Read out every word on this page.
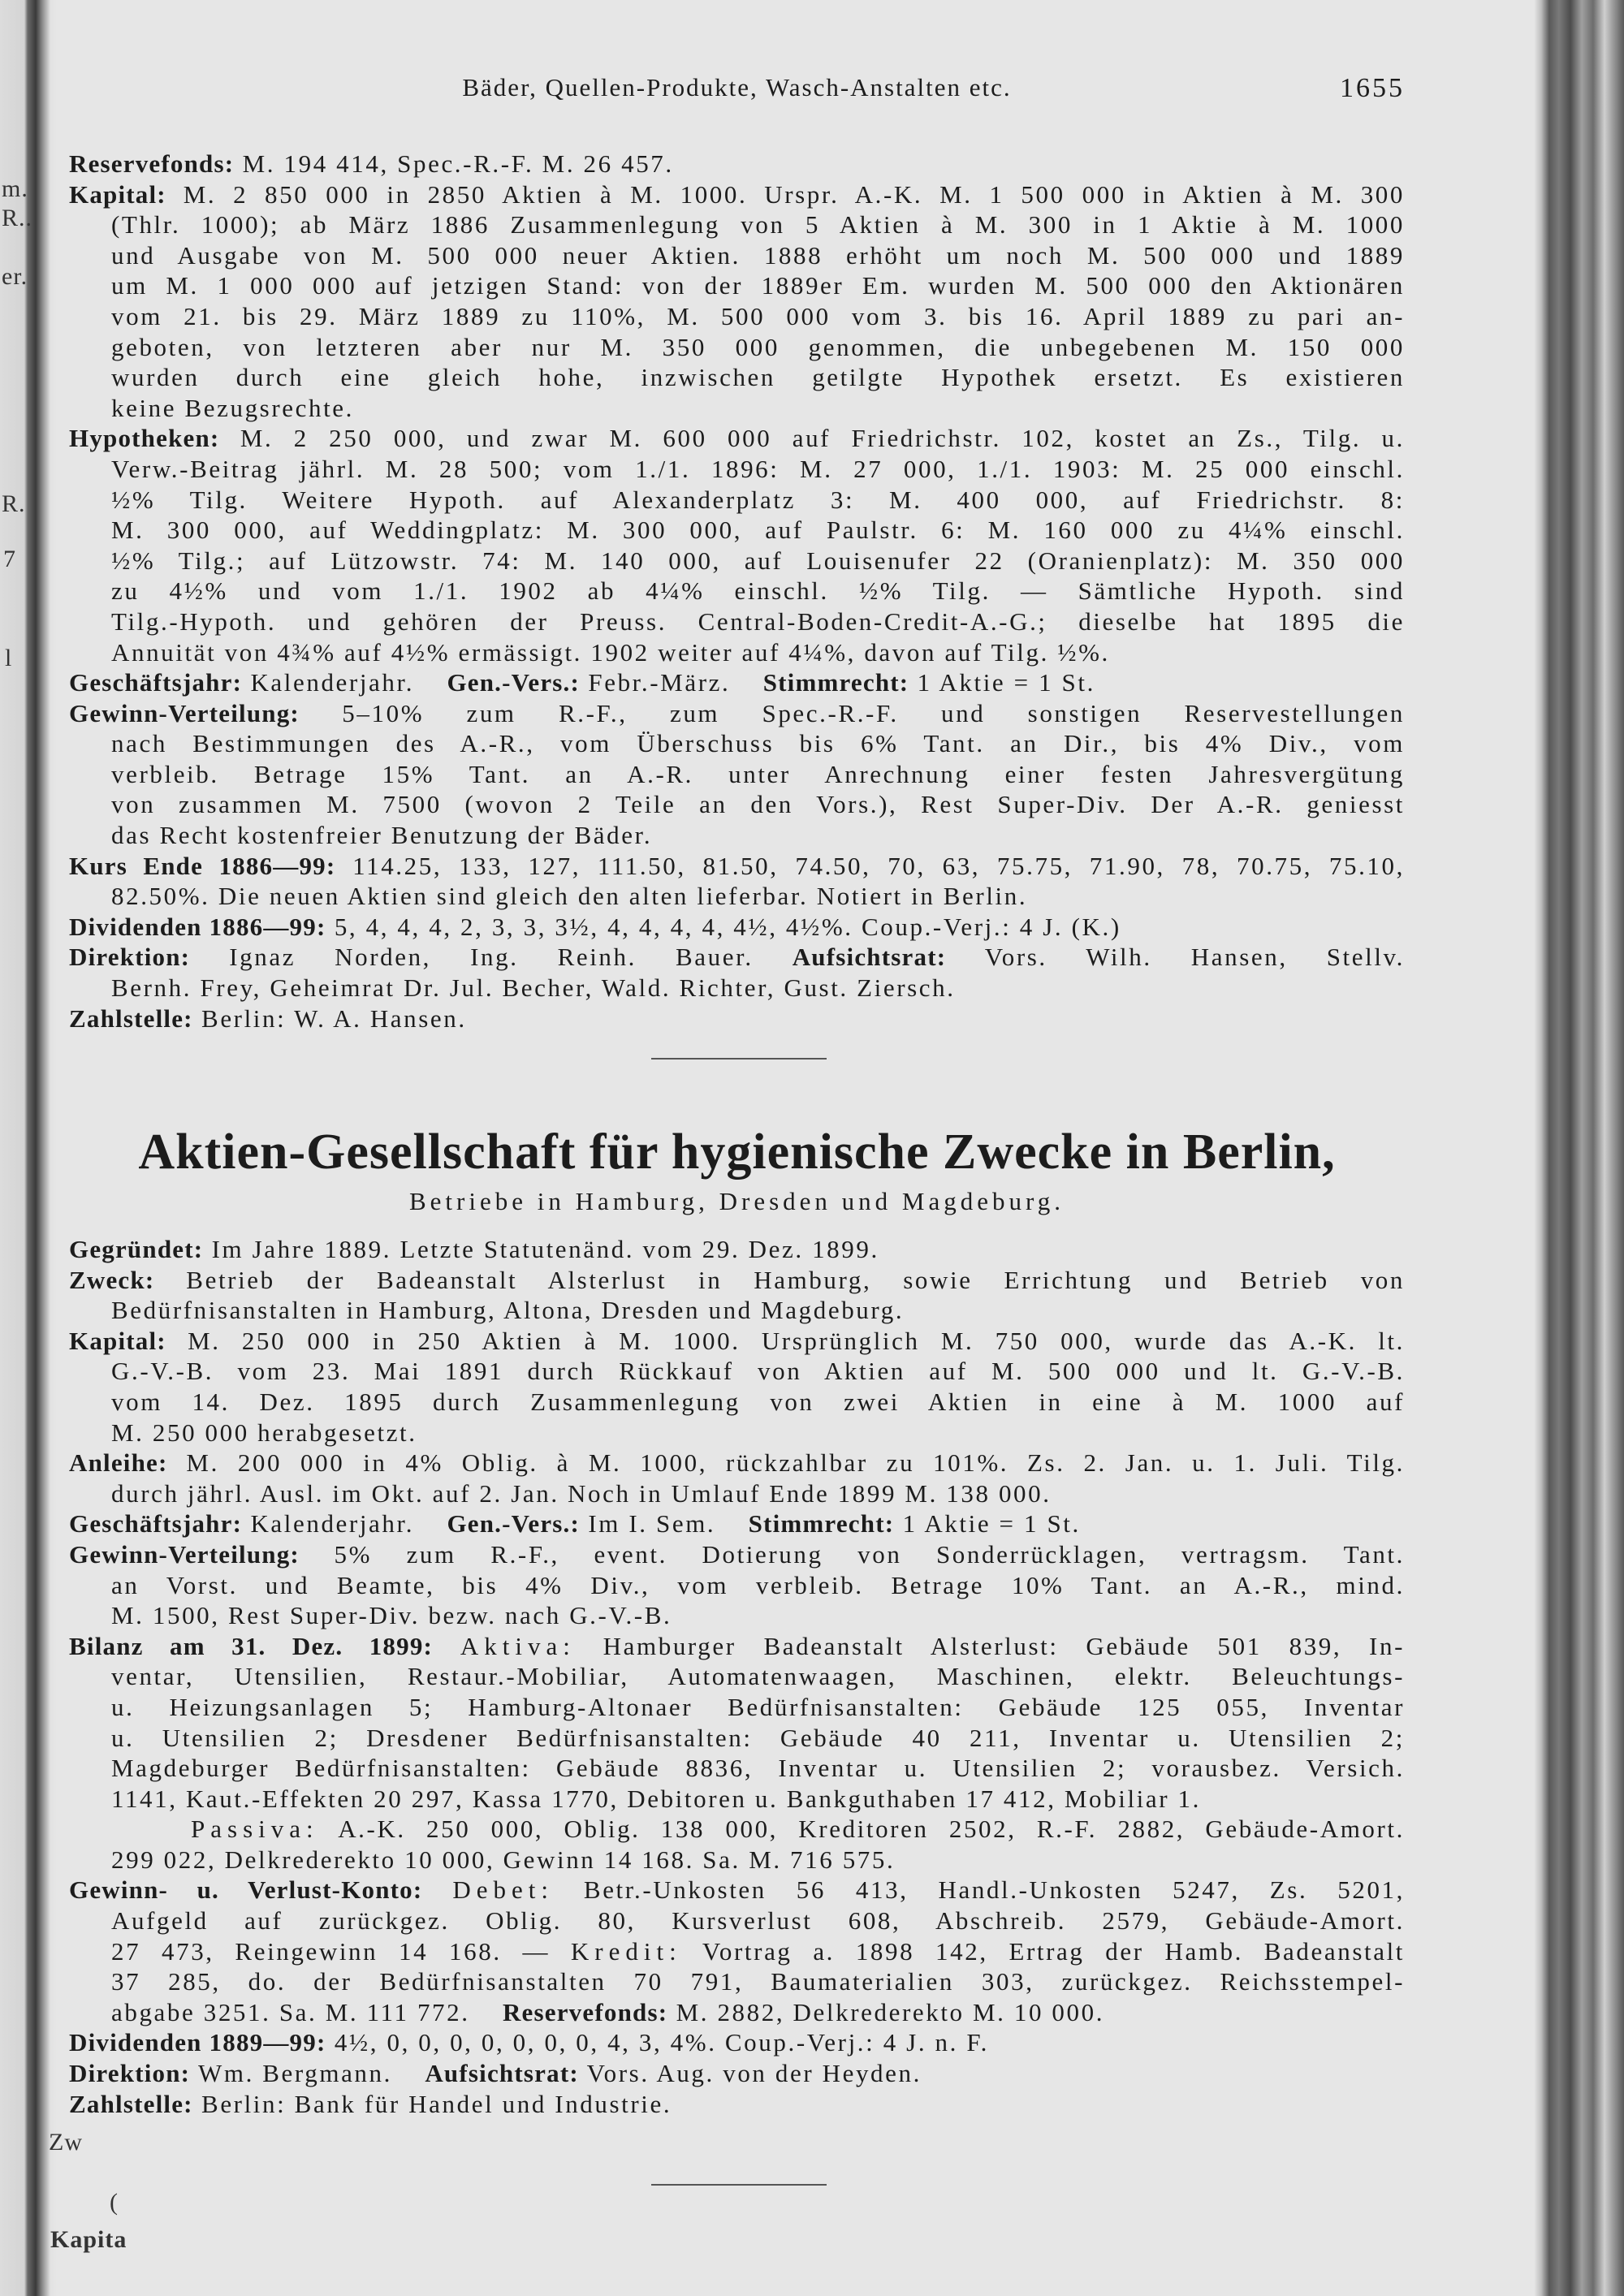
m.
R..
er.
R.
7
l
Bäder, Quellen-Produkte, Wasch-Anstalten etc.	1655
Reservefonds: M. 194 414, Spec.-R.-F. M. 26 457.
Kapital: M. 2 850 000 in 2850 Aktien à M. 1000. Urspr. A.-K. M. 1 500 000 in Aktien à M. 300
(Thlr. 1000); ab März 1886 Zusammenlegung von 5 Aktien à M. 300 in 1 Aktie à M. 1000
und Ausgabe von M. 500 000 neuer Aktien. 1888 erhöht um noch M. 500 000 und 1889
um M. 1 000 000 auf jetzigen Stand: von der 1889er Em. wurden M. 500 000 den Aktionären
vom 21. bis 29. März 1889 zu 110%, M. 500 000 vom 3. bis 16. April 1889 zu pari an-
geboten, von letzteren aber nur M. 350 000 genommen, die unbegebenen M. 150 000
wurden durch eine gleich hohe, inzwischen getilgte Hypothek ersetzt. Es existieren
keine Bezugsrechte.
Hypotheken: M. 2 250 000, und zwar M. 600 000 auf Friedrichstr. 102, kostet an Zs., Tilg. u.
Verw.-Beitrag jährl. M. 28 500; vom 1./1. 1896: M. 27 000, 1./1. 1903: M. 25 000 einschl.
½% Tilg. Weitere Hypoth. auf Alexanderplatz 3: M. 400 000, auf Friedrichstr. 8:
M. 300 000, auf Weddingplatz: M. 300 000, auf Paulstr. 6: M. 160 000 zu 4¼% einschl.
½% Tilg.; auf Lützowstr. 74: M. 140 000, auf Louisenufer 22 (Oranienplatz): M. 350 000
zu 4½% und vom 1./1. 1902 ab 4¼% einschl. ½% Tilg. — Sämtliche Hypoth. sind
Tilg.-Hypoth. und gehören der Preuss. Central-Boden-Credit-A.-G.; dieselbe hat 1895 die
Annuität von 4¾% auf 4½% ermässigt. 1902 weiter auf 4¼%, davon auf Tilg. ½%.
Geschäftsjahr: Kalenderjahr. Gen.-Vers.: Febr.-März. Stimmrecht: 1 Aktie = 1 St.
Gewinn-Verteilung: 5–10% zum R.-F., zum Spec.-R.-F. und sonstigen Reservestellungen
nach Bestimmungen des A.-R., vom Überschuss bis 6% Tant. an Dir., bis 4% Div., vom
verbleib. Betrage 15% Tant. an A.-R. unter Anrechnung einer festen Jahresvergütung
von zusammen M. 7500 (wovon 2 Teile an den Vors.), Rest Super-Div. Der A.-R. geniesst
das Recht kostenfreier Benutzung der Bäder.
Kurs Ende 1886—99: 114.25, 133, 127, 111.50, 81.50, 74.50, 70, 63, 75.75, 71.90, 78, 70.75, 75.10,
82.50%. Die neuen Aktien sind gleich den alten lieferbar. Notiert in Berlin.
Dividenden 1886—99: 5, 4, 4, 4, 2, 3, 3, 3½, 4, 4, 4, 4, 4½, 4½%. Coup.-Verj.: 4 J. (K.)
Direktion: Ignaz Norden, Ing. Reinh. Bauer. Aufsichtsrat: Vors. Wilh. Hansen, Stellv.
Bernh. Frey, Geheimrat Dr. Jul. Becher, Wald. Richter, Gust. Ziersch.
Zahlstelle: Berlin: W. A. Hansen.
Aktien-Gesellschaft für hygienische Zwecke in Berlin,
Betriebe in Hamburg, Dresden und Magdeburg.
Gegründet: Im Jahre 1889. Letzte Statutenänd. vom 29. Dez. 1899.
Zweck: Betrieb der Badeanstalt Alsterlust in Hamburg, sowie Errichtung und Betrieb von
Bedürfnisanstalten in Hamburg, Altona, Dresden und Magdeburg.
Kapital: M. 250 000 in 250 Aktien à M. 1000. Ursprünglich M. 750 000, wurde das A.-K. lt.
G.-V.-B. vom 23. Mai 1891 durch Rückkauf von Aktien auf M. 500 000 und lt. G.-V.-B.
vom 14. Dez. 1895 durch Zusammenlegung von zwei Aktien in eine à M. 1000 auf
M. 250 000 herabgesetzt.
Anleihe: M. 200 000 in 4% Oblig. à M. 1000, rückzahlbar zu 101%. Zs. 2. Jan. u. 1. Juli. Tilg.
durch jährl. Ausl. im Okt. auf 2. Jan. Noch in Umlauf Ende 1899 M. 138 000.
Geschäftsjahr: Kalenderjahr. Gen.-Vers.: Im I. Sem. Stimmrecht: 1 Aktie = 1 St.
Gewinn-Verteilung: 5% zum R.-F., event. Dotierung von Sonderrücklagen, vertragsm. Tant.
an Vorst. und Beamte, bis 4% Div., vom verbleib. Betrage 10% Tant. an A.-R., mind.
M. 1500, Rest Super-Div. bezw. nach G.-V.-B.
Bilanz am 31. Dez. 1899: Aktiva: Hamburger Badeanstalt Alsterlust: Gebäude 501 839, In-
ventar, Utensilien, Restaur.-Mobiliar, Automatenwaagen, Maschinen, elektr. Beleuchtungs-
u. Heizungsanlagen 5; Hamburg-Altonaer Bedürfnisanstalten: Gebäude 125 055, Inventar
u. Utensilien 2; Dresdener Bedürfnisanstalten: Gebäude 40 211, Inventar u. Utensilien 2;
Magdeburger Bedürfnisanstalten: Gebäude 8836, Inventar u. Utensilien 2; vorausbez. Versich.
1141, Kaut.-Effekten 20 297, Kassa 1770, Debitoren u. Bankguthaben 17 412, Mobiliar 1.
Passiva: A.-K. 250 000, Oblig. 138 000, Kreditoren 2502, R.-F. 2882, Gebäude-Amort.
299 022, Delkrederekto 10 000, Gewinn 14 168. Sa. M. 716 575.
Gewinn- u. Verlust-Konto: Debet: Betr.-Unkosten 56 413, Handl.-Unkosten 5247, Zs. 5201,
Aufgeld auf zurückgez. Oblig. 80, Kursverlust 608, Abschreib. 2579, Gebäude-Amort.
27 473, Reingewinn 14 168. — Kredit: Vortrag a. 1898 142, Ertrag der Hamb. Badeanstalt
37 285, do. der Bedürfnisanstalten 70 791, Baumaterialien 303, zurückgez. Reichsstempel-
abgabe 3251. Sa. M. 111 772. Reservefonds: M. 2882, Delkrederekto M. 10 000.
Dividenden 1889—99: 4½, 0, 0, 0, 0, 0, 0, 0, 4, 3, 4%. Coup.-Verj.: 4 J. n. F.
Direktion: Wm. Bergmann. Aufsichtsrat: Vors. Aug. von der Heyden.
Zahlstelle: Berlin: Bank für Handel und Industrie.
Zw
(
Kapita
